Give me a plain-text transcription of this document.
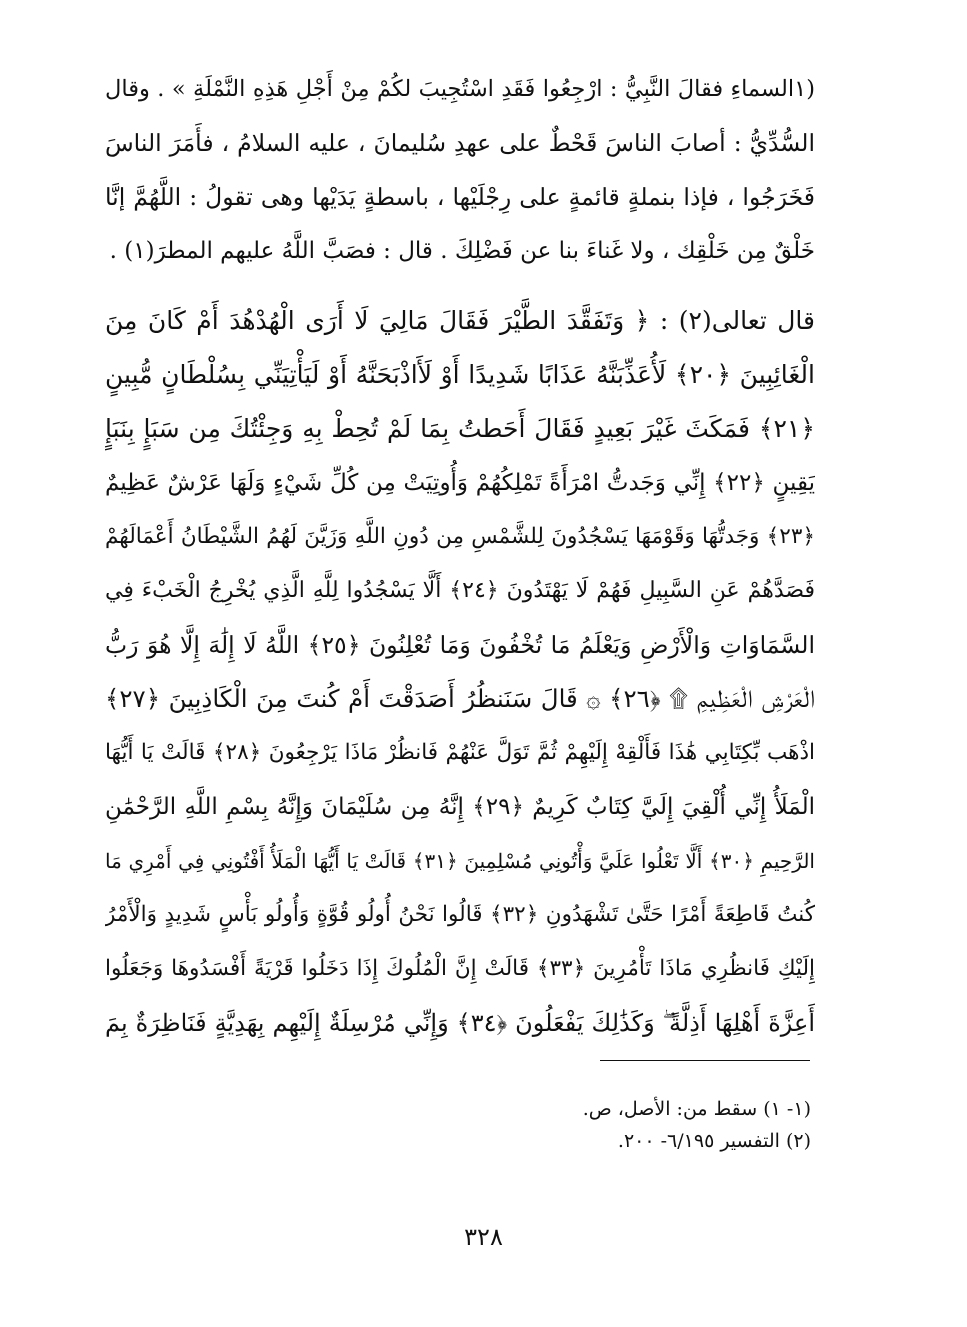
(١السماءِ فقالَ النَّبِيُّ : ارْجِعُوا فَقَدِ اسْتُجِيبَ لكُمْ مِنْ أَجْلِ هَذِهِ النَّمْلَةِ » . وقال
السُّدِّيُّ : أصابَ الناسَ قَحْطٌ على عهدِ سُليمانَ ، عليه السلامُ ، فأَمَرَ الناسَ
فَخَرَجُوا ، فإذا بنملةٍ قائمةٍ على رِجْلَيْها ، باسطةٍ يَدَيْها وهى تقولُ : اللَّهُمَّ إنَّا
خَلْقٌ مِن خَلْقِك ، ولا غَناءَ بنا عن فَضْلِكَ . قال : فصَبَّ اللَّهُ عليهم المطرَ(١) .
قال تعالى(٢) : ﴿ وَتَفَقَّدَ الطَّيْرَ فَقَالَ مَالِيَ لَا أَرَى الْهُدْهُدَ أَمْ كَانَ مِنَ
الْغَائِبِينَ ﴿٢٠﴾ لَأُعَذِّبَنَّهُ عَذَابًا شَدِيدًا أَوْ لَأَاذْبَحَنَّهُ أَوْ لَيَأْتِيَنِّي بِسُلْطَانٍ مُّبِينٍ
﴿٢١﴾ فَمَكَثَ غَيْرَ بَعِيدٍ فَقَالَ أَحَطتُ بِمَا لَمْ تُحِطْ بِهِ وَجِئْتُكَ مِن سَبَإٍ بِنَبَإٍ
يَقِينٍ ﴿٢٢﴾ إِنِّي وَجَدتُّ امْرَأَةً تَمْلِكُهُمْ وَأُوتِيَتْ مِن كُلِّ شَيْءٍ وَلَهَا عَرْشٌ عَظِيمٌ
﴿٢٣﴾ وَجَدتُّهَا وَقَوْمَهَا يَسْجُدُونَ لِلشَّمْسِ مِن دُونِ اللَّهِ وَزَيَّنَ لَهُمُ الشَّيْطَانُ أَعْمَالَهُمْ
فَصَدَّهُمْ عَنِ السَّبِيلِ فَهُمْ لَا يَهْتَدُونَ ﴿٢٤﴾ أَلَّا يَسْجُدُوا لِلَّهِ الَّذِي يُخْرِجُ الْخَبْءَ فِي
السَّمَاوَاتِ وَالْأَرْضِ وَيَعْلَمُ مَا تُخْفُونَ وَمَا تُعْلِنُونَ ﴿٢٥﴾ اللَّهُ لَا إِلَٰهَ إِلَّا هُوَ رَبُّ
الْعَرْشِ الْعَظِيمِ ۩ ﴿٢٦﴾ ۞ قَالَ سَنَنظُرُ أَصَدَقْتَ أَمْ كُنتَ مِنَ الْكَاذِبِينَ ﴿٢٧﴾
اذْهَب بِّكِتَابِي هَٰذَا فَأَلْقِهْ إِلَيْهِمْ ثُمَّ تَوَلَّ عَنْهُمْ فَانظُرْ مَاذَا يَرْجِعُونَ ﴿٢٨﴾ قَالَتْ يَا أَيُّهَا
الْمَلَأُ إِنِّي أُلْقِيَ إِلَيَّ كِتَابٌ كَرِيمٌ ﴿٢٩﴾ إِنَّهُ مِن سُلَيْمَانَ وَإِنَّهُ بِسْمِ اللَّهِ الرَّحْمَٰنِ
الرَّحِيمِ ﴿٣٠﴾ أَلَّا تَعْلُوا عَلَيَّ وَأْتُونِي مُسْلِمِينَ ﴿٣١﴾ قَالَتْ يَا أَيُّهَا الْمَلَأُ أَفْتُونِي فِي أَمْرِي مَا
كُنتُ قَاطِعَةً أَمْرًا حَتَّىٰ تَشْهَدُونِ ﴿٣٢﴾ قَالُوا نَحْنُ أُولُو قُوَّةٍ وَأُولُو بَأْسٍ شَدِيدٍ وَالْأَمْرُ
إِلَيْكِ فَانظُرِي مَاذَا تَأْمُرِينَ ﴿٣٣﴾ قَالَتْ إِنَّ الْمُلُوكَ إِذَا دَخَلُوا قَرْيَةً أَفْسَدُوهَا وَجَعَلُوا
أَعِزَّةَ أَهْلِهَا أَذِلَّةً ۖ وَكَذَٰلِكَ يَفْعَلُونَ ﴿٣٤﴾ وَإِنِّي مُرْسِلَةٌ إِلَيْهِم بِهَدِيَّةٍ فَنَاظِرَةٌ بِمَ
(١- ١) سقط من: الأصل، ص.
(٢) التفسير ٦/١٩٥- ٢٠٠.
٣٢٨
